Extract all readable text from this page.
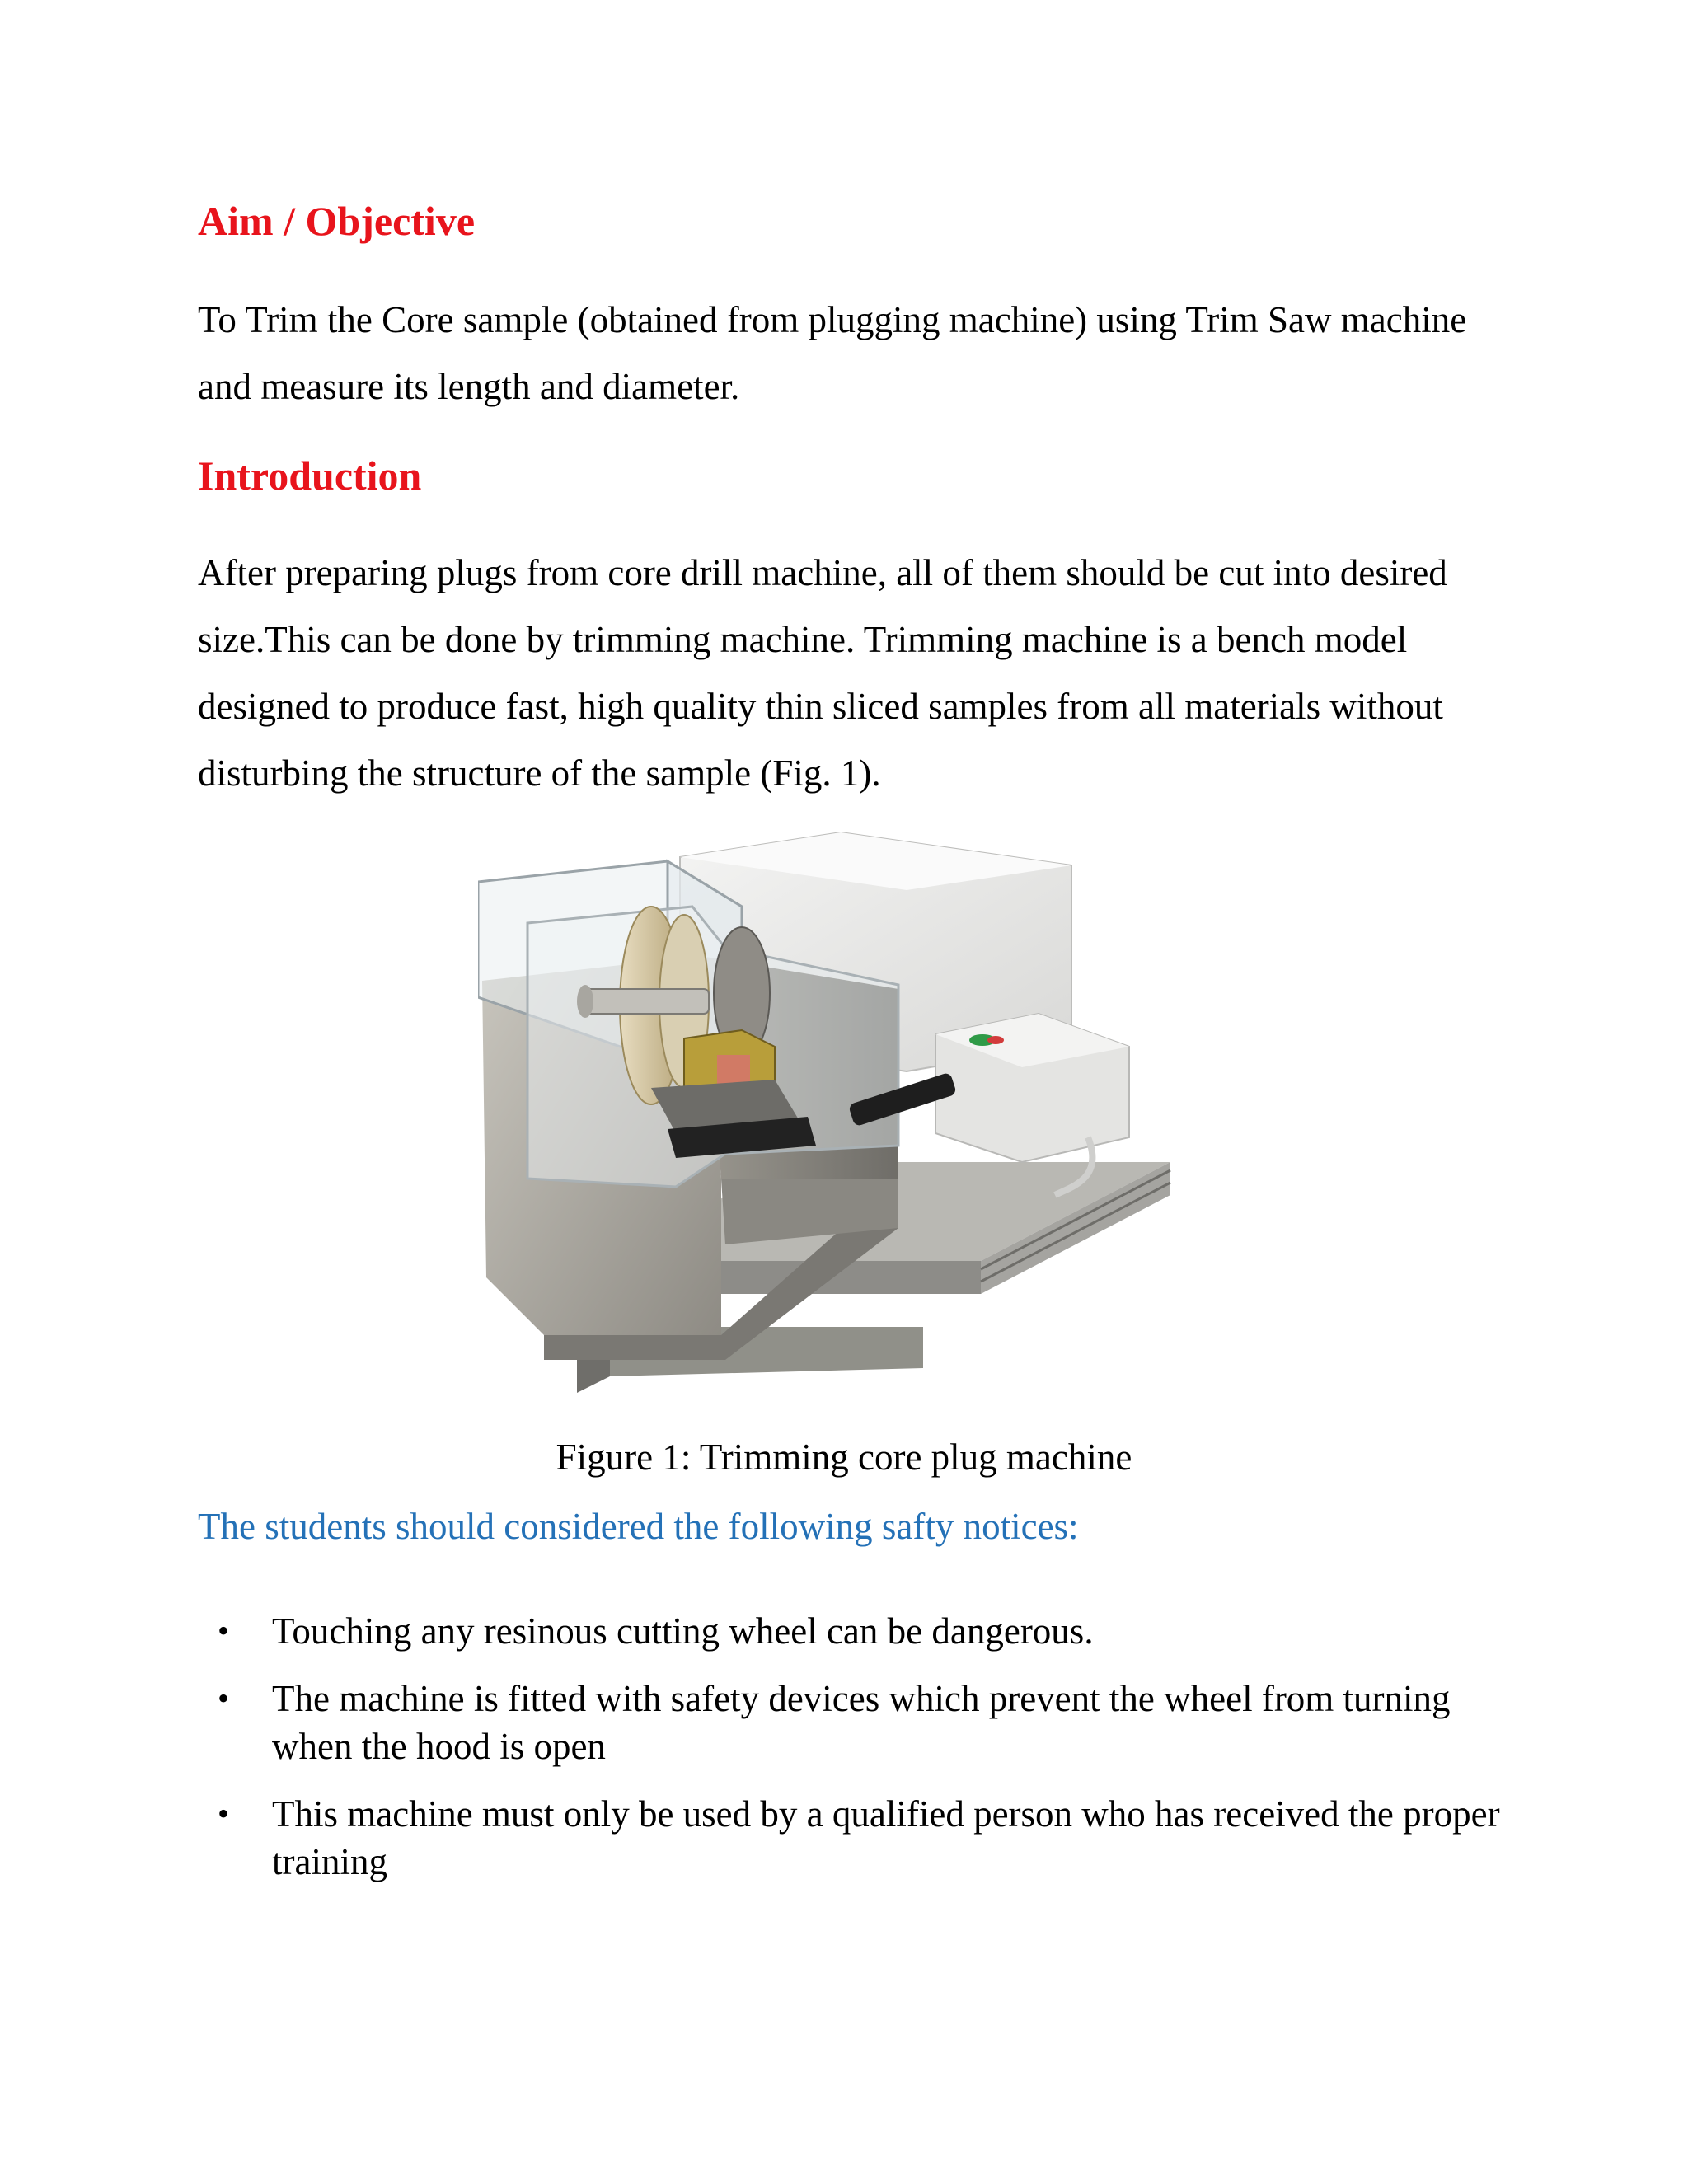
Aim / Objective

To Trim the Core sample (obtained from plugging machine) using Trim Saw machine and measure its length and diameter.

Introduction

After preparing plugs from core drill machine, all of them should be cut into desired size.This can be done by trimming machine. Trimming machine is a bench model designed to produce fast, high quality thin sliced samples from all materials without disturbing the structure of the sample (Fig. 1).

Figure 1: Trimming core plug machine

The students should considered the following safty notices:

• Touching any resinous cutting wheel can be dangerous.
• The machine is fitted with safety devices which prevent the wheel from turning when the hood is open
• This machine must only be used by a qualified person who has received the proper training
